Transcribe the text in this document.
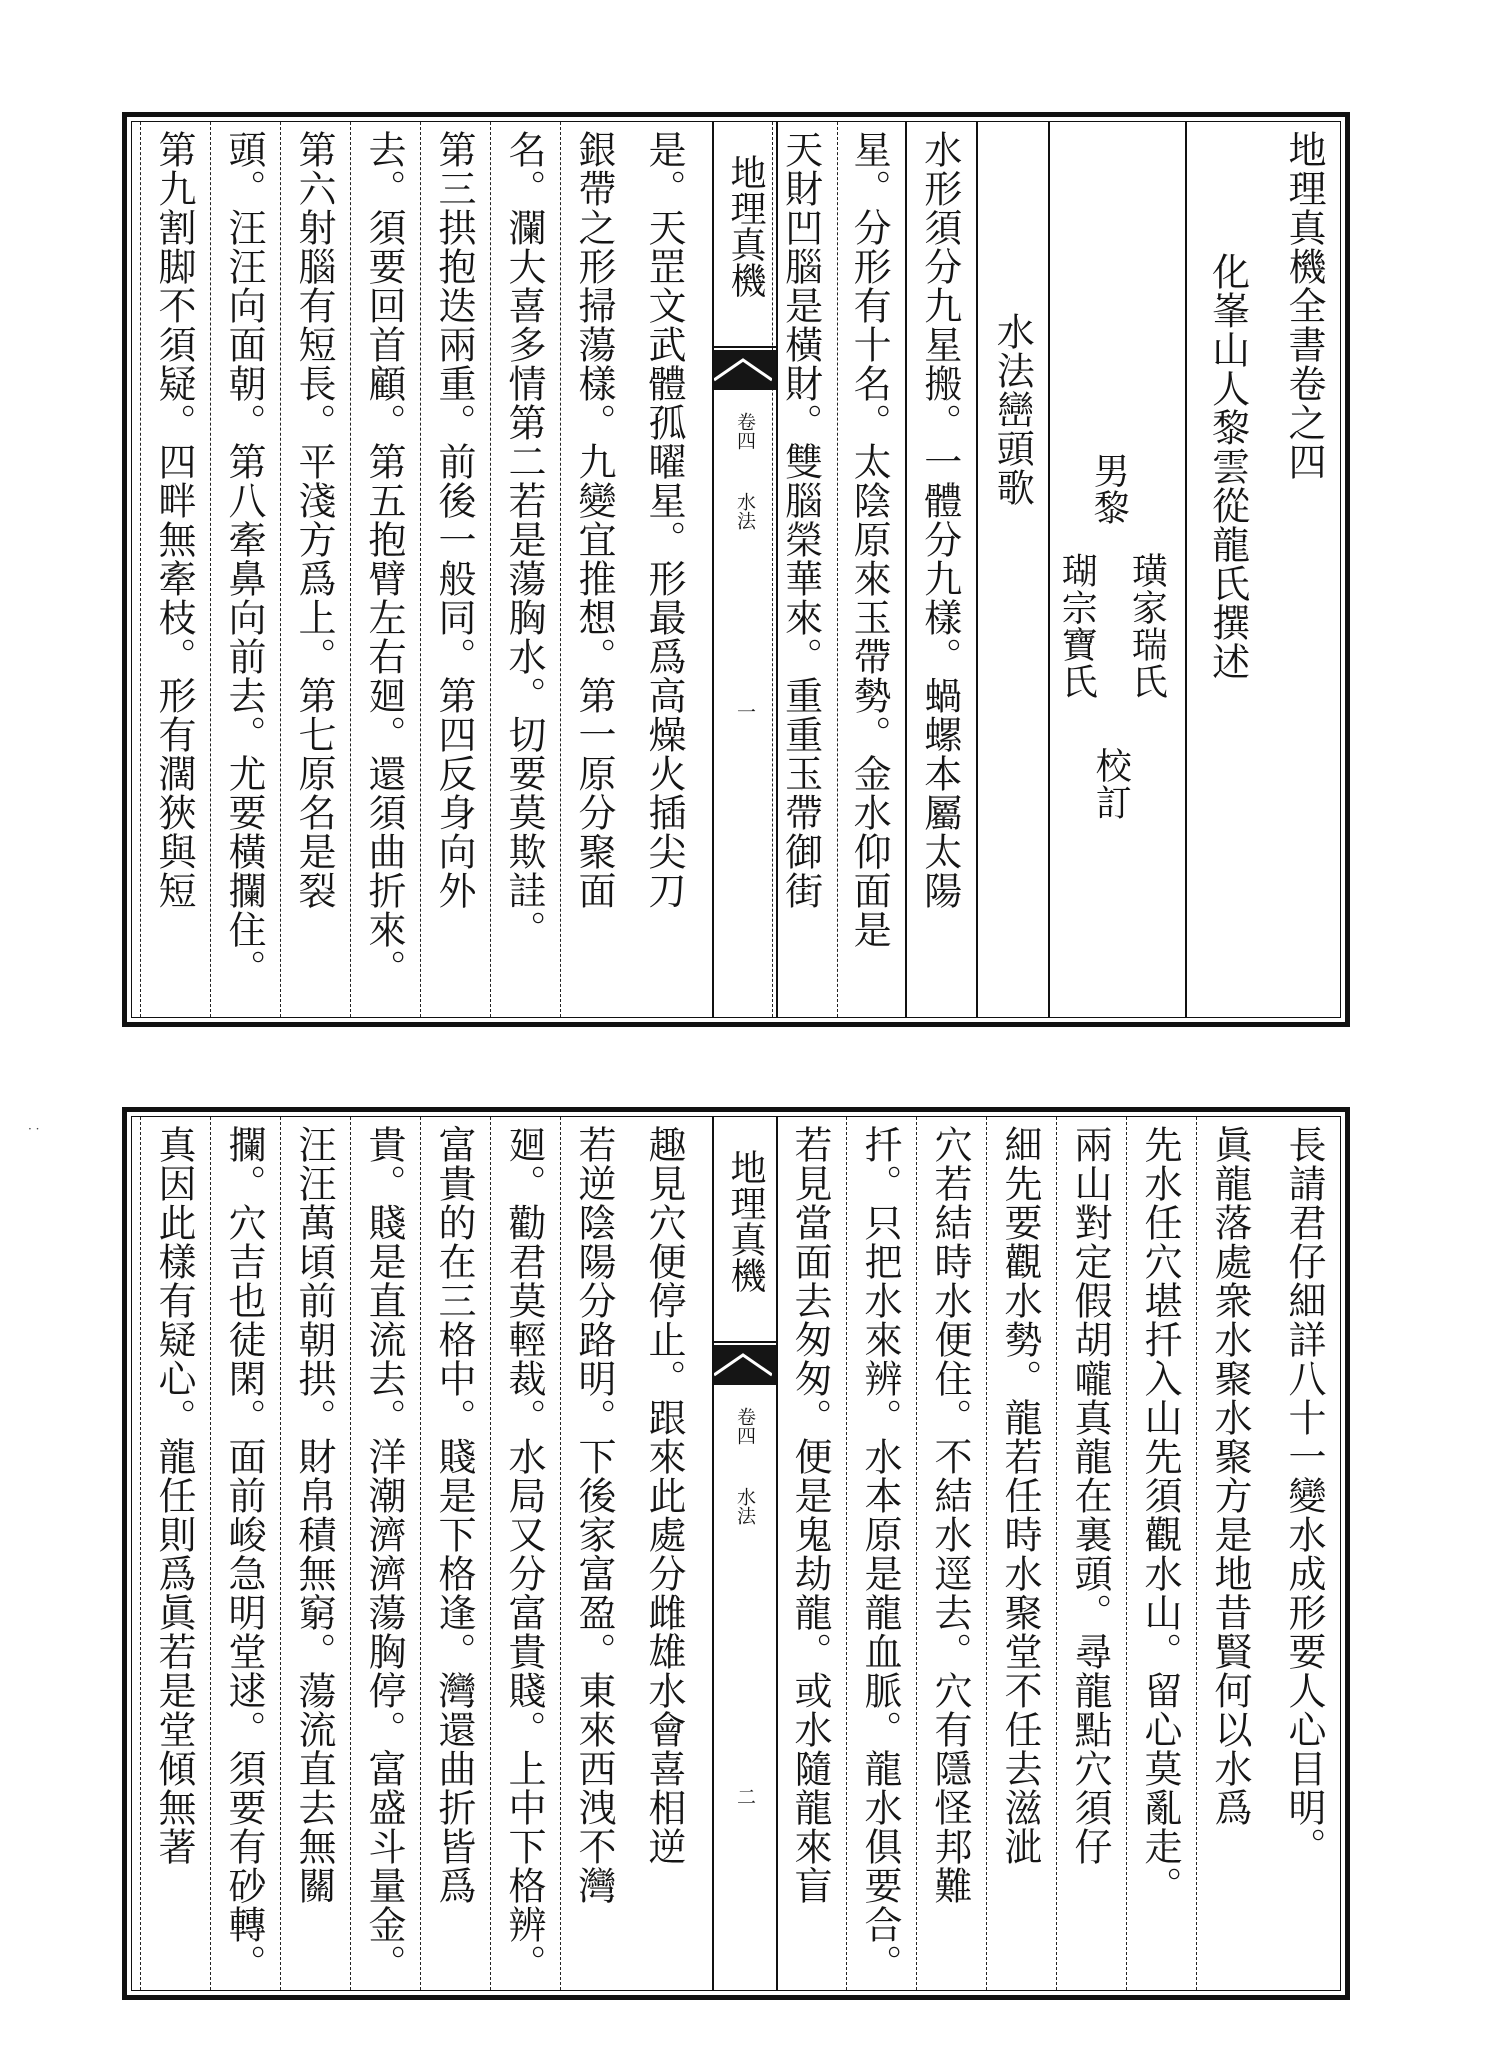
地理真機全書卷之四
化峯山人黎雲從龍氏撰述
男黎
璜家瑞氏
瑚宗寶氏
校訂
水法巒頭歌
水形須分九星搬。一體分九樣。蝸螺本屬太陽
星。分形有十名。太陰原來玉帶勢。金水仰面是
天財凹腦是橫財。雙腦榮華來。重重玉帶御街
地理真機
卷四
水法
一
是。天罡文武體孤曜星。形最爲高燥火插尖刀
銀帶之形掃蕩樣。九變宜推想。第一原分聚面
名。瀾大喜多情第二若是蕩胸水。切要莫欺詿。
第三拱抱迭兩重。前後一般同。第四反身向外
去。須要回首顧。第五抱臂左右廻。還須曲折來。
第六射腦有短長。平淺方爲上。第七原名是裂
頭。汪汪向面朝。第八牽鼻向前去。尤要橫攔住。
第九割脚不須疑。四畔無牽枝。形有濶狹與短
· ·	長請君仔細詳八十一變水成形要人心目明。
眞龍落處衆水聚水聚方是地昔賢何以水爲
先水任穴堪扦入山先須觀水山。留心莫亂走。
兩山對定假胡嚨真龍在裏頭。尋龍點穴須仔
細先要觀水勢。龍若任時水聚堂不任去滋泚
穴若結時水便住。不結水逕去。穴有隱怪邦難
扦。只把水來辨。水本原是龍血脈。龍水俱要合。
若見當面去匆匆。便是鬼劫龍。或水隨龍來盲
地理真機
卷四
水法
二
趣見穴便停止。跟來此處分雌雄水會喜相逆
若逆陰陽分路明。下後家富盈。東來西洩不灣
廻。勸君莫輕裁。水局又分富貴賤。上中下格辨。
富貴的在三格中。賤是下格逢。灣還曲折皆爲
貴。賤是直流去。洋潮濟濟蕩胸停。富盛斗量金。
汪汪萬頃前朝拱。財帛積無窮。蕩流直去無關
攔。穴吉也徒閑。面前峻急明堂逑。須要有砂轉。
真因此樣有疑心。龍任則爲眞若是堂傾無著
